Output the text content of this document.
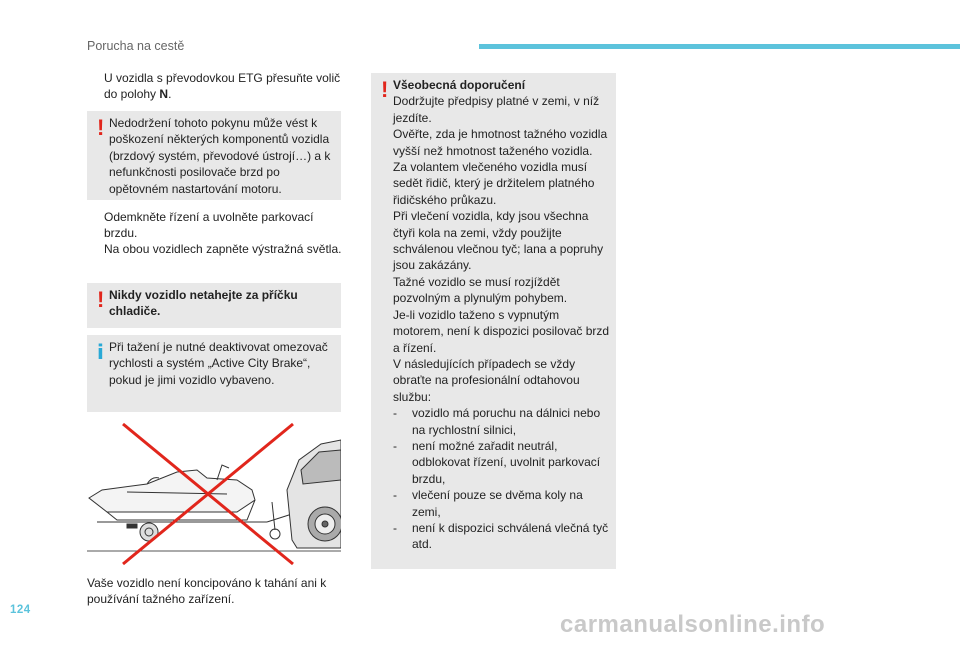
Porucha na cestě
U vozidla s převodovkou ETG přesuňte volič do polohy N.
! Nedodržení tohoto pokynu může vést k poškození některých komponentů vozidla (brzdový systém, převodové ústrojí…) a k nefunkčnosti posilovače brzd po opětovném nastartování motoru.
Odemkněte řízení a uvolněte parkovací brzdu.
Na obou vozidlech zapněte výstražná světla.
! Nikdy vozidlo netahejte za příčku chladiče.
i Při tažení je nutné deaktivovat omezovač rychlosti a systém „Active City Brake“, pokud je jimi vozidlo vybaveno.
Vaše vozidlo není koncipováno k tahání ani k používání tažného zařízení.
! Všeobecná doporučení
Dodržujte předpisy platné v zemi, v níž jezdíte.
Ověřte, zda je hmotnost tažného vozidla vyšší než hmotnost taženého vozidla.
Za volantem vlečeného vozidla musí sedět řidič, který je držitelem platného řidičského průkazu.
Při vlečení vozidla, kdy jsou všechna čtyři kola na zemi, vždy použijte schválenou vlečnou tyč; lana a popruhy jsou zakázány.
Tažné vozidlo se musí rozjíždět pozvolným a plynulým pohybem.
Je-li vozidlo taženo s vypnutým motorem, není k dispozici posilovač brzd a řízení.
V následujících případech se vždy obraťte na profesionální odtahovou službu:
- vozidlo má poruchu na dálnici nebo na rychlostní silnici,
- není možné zařadit neutrál, odblokovat řízení, uvolnit parkovací brzdu,
- vlečení pouze se dvěma koly na zemi,
- není k dispozici schválená vlečná tyč atd.
124
carmanualsonline.info
